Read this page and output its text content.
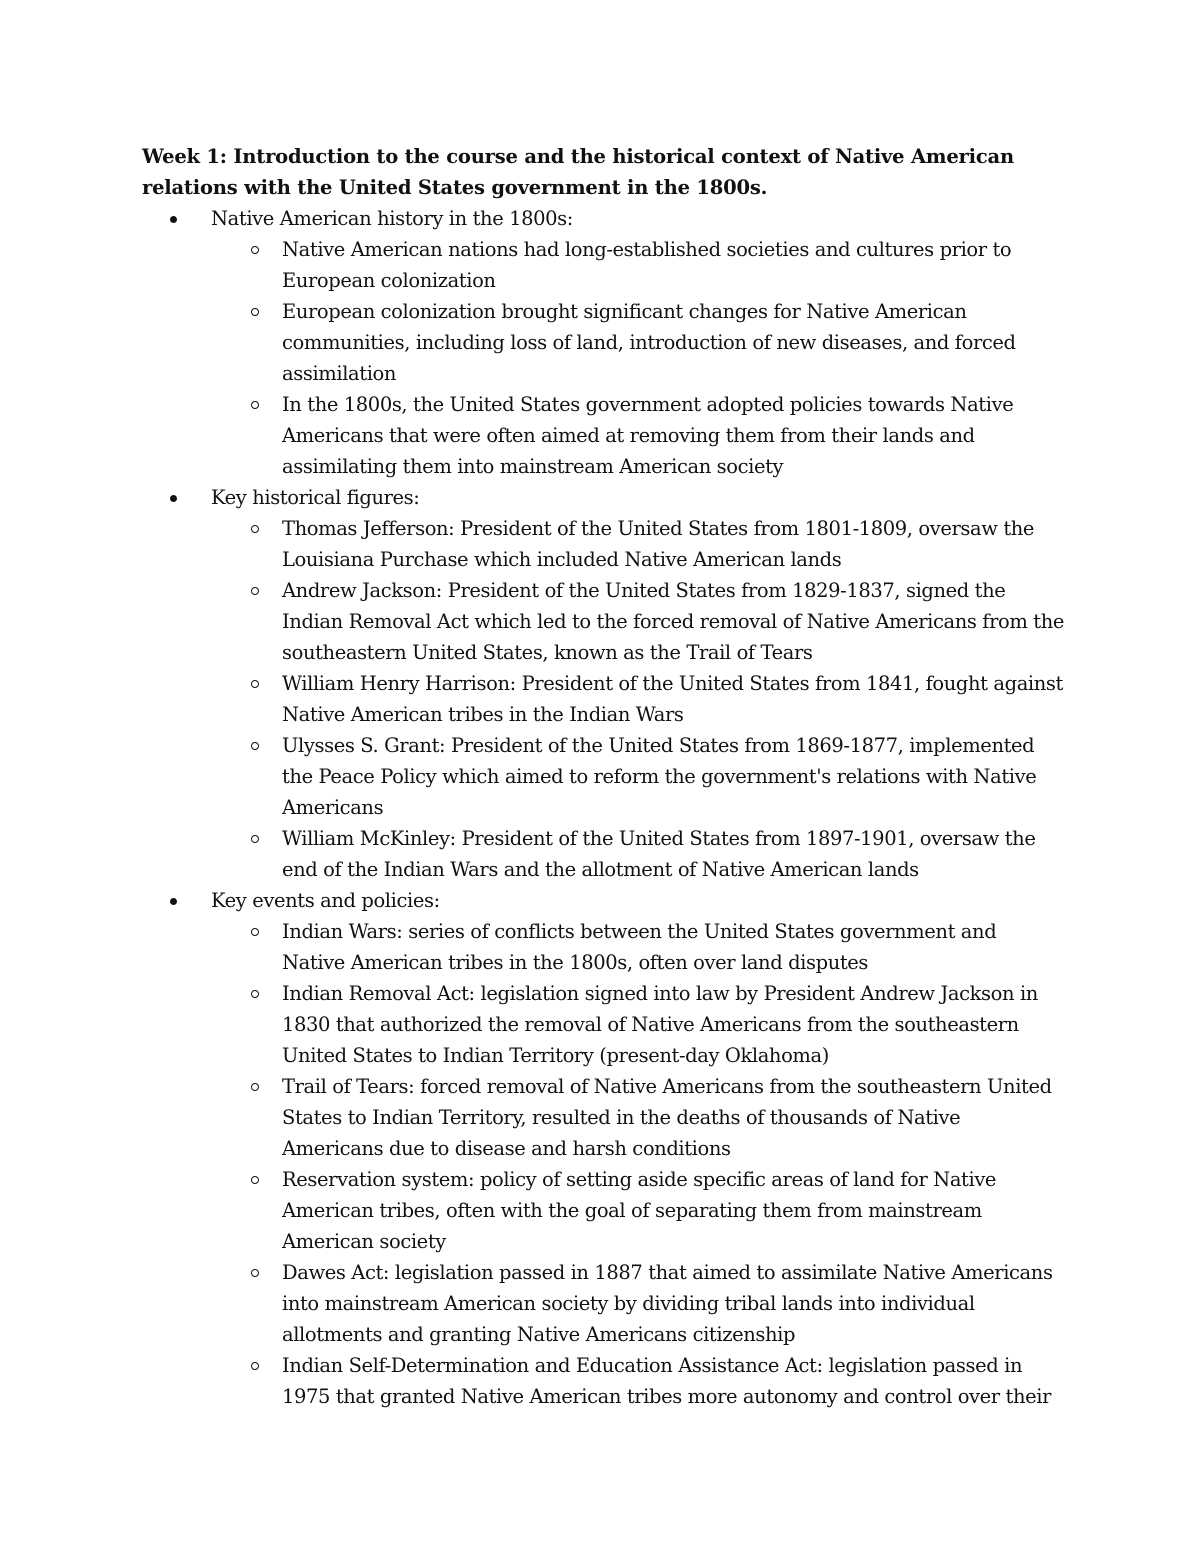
Week 1: Introduction to the course and the historical context of Native American relations with the United States government in the 1800s.

Native American history in the 1800s:
Native American nations had long-established societies and cultures prior to European colonization
European colonization brought significant changes for Native American communities, including loss of land, introduction of new diseases, and forced assimilation
In the 1800s, the United States government adopted policies towards Native Americans that were often aimed at removing them from their lands and assimilating them into mainstream American society
Key historical figures:
Thomas Jefferson: President of the United States from 1801-1809, oversaw the Louisiana Purchase which included Native American lands
Andrew Jackson: President of the United States from 1829-1837, signed the Indian Removal Act which led to the forced removal of Native Americans from the southeastern United States, known as the Trail of Tears
William Henry Harrison: President of the United States from 1841, fought against Native American tribes in the Indian Wars
Ulysses S. Grant: President of the United States from 1869-1877, implemented the Peace Policy which aimed to reform the government's relations with Native Americans
William McKinley: President of the United States from 1897-1901, oversaw the end of the Indian Wars and the allotment of Native American lands
Key events and policies:
Indian Wars: series of conflicts between the United States government and Native American tribes in the 1800s, often over land disputes
Indian Removal Act: legislation signed into law by President Andrew Jackson in 1830 that authorized the removal of Native Americans from the southeastern United States to Indian Territory (present-day Oklahoma)
Trail of Tears: forced removal of Native Americans from the southeastern United States to Indian Territory, resulted in the deaths of thousands of Native Americans due to disease and harsh conditions
Reservation system: policy of setting aside specific areas of land for Native American tribes, often with the goal of separating them from mainstream American society
Dawes Act: legislation passed in 1887 that aimed to assimilate Native Americans into mainstream American society by dividing tribal lands into individual allotments and granting Native Americans citizenship
Indian Self-Determination and Education Assistance Act: legislation passed in 1975 that granted Native American tribes more autonomy and control over their
